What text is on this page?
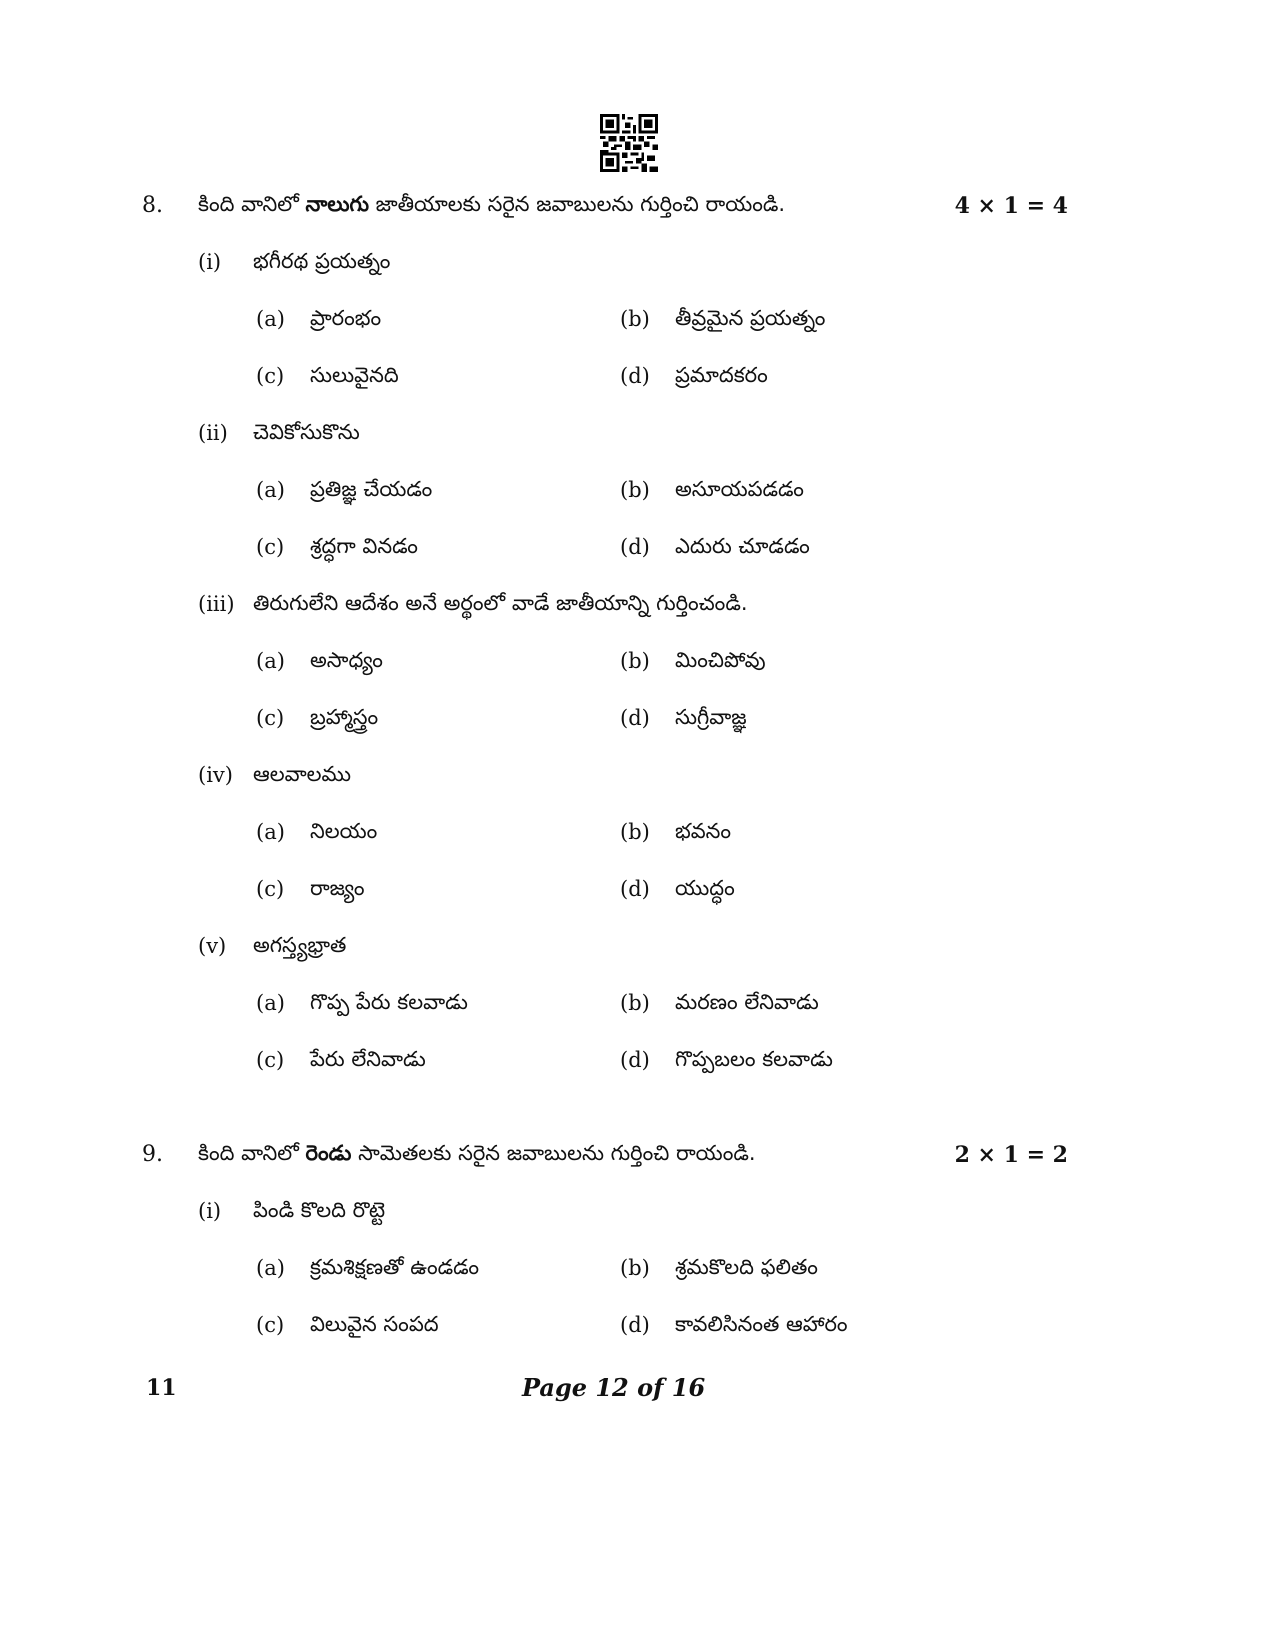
8. కింది వానిలో నాలుగు జాతీయాలకు సరైన జవాబులను గుర్తించి రాయండి.	4 × 1 = 4
(i) భగీరథ ప్రయత్నం
(a) ప్రారంభం	(b) తీవ్రమైన ప్రయత్నం
(c) సులువైనది	(d) ప్రమాదకరం
(ii) చెవికోసుకొను
(a) ప్రతిజ్ఞ చేయడం	(b) అసూయపడడం
(c) శ్రద్ధగా వినడం	(d) ఎదురు చూడడం
(iii) తిరుగులేని ఆదేశం అనే అర్థంలో వాడే జాతీయాన్ని గుర్తించండి.
(a) అసాధ్యం	(b) మించిపోవు
(c) బ్రహ్మాస్త్రం	(d) సుగ్రీవాజ్ఞ
(iv) ఆలవాలము
(a) నిలయం	(b) భవనం
(c) రాజ్యం	(d) యుద్ధం
(v) అగస్త్యభ్రాత
(a) గొప్ప పేరు కలవాడు	(b) మరణం లేనివాడు
(c) పేరు లేనివాడు	(d) గొప్పబలం కలవాడు
9. కింది వానిలో రెండు సామెతలకు సరైన జవాబులను గుర్తించి రాయండి.	2 × 1 = 2
(i) పిండి కొలది రొట్టె
(a) క్రమశిక్షణతో ఉండడం	(b) శ్రమకొలది ఫలితం
(c) విలువైన సంపద	(d) కావలిసినంత ఆహారం
11	Page 12 of 16
